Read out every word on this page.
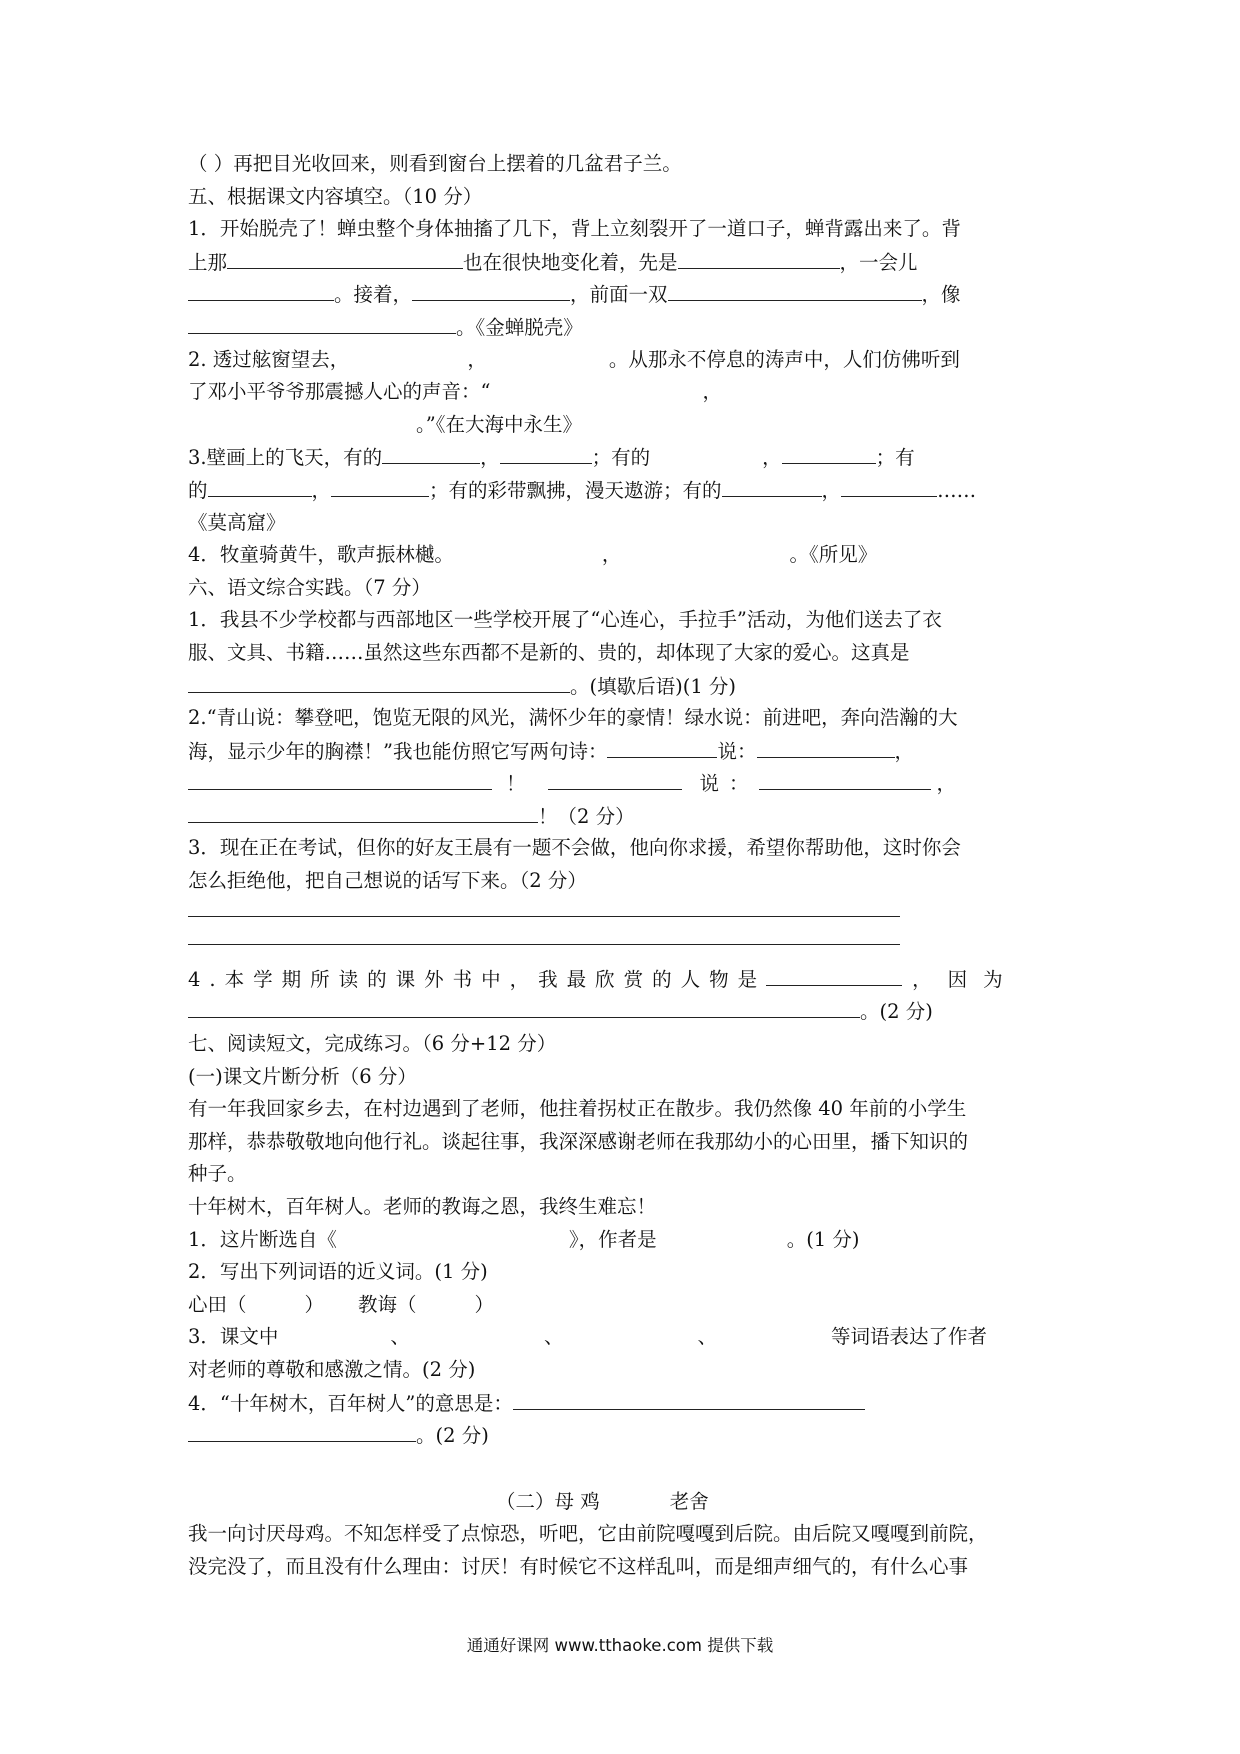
（ ）再把目光收回来，则看到窗台上摆着的几盆君子兰。
五、根据课文内容填空。（10 分）
1．开始脱壳了！蝉虫整个身体抽搐了几下，背上立刻裂开了一道口子，蝉背露出来了。背
上那	也在很快地变化着，先是	，一会儿
。接着，	，前面一双	，像
。《金蝉脱壳》
2. 透过舷窗望去，	，	。从那永不停息的涛声中，人们仿佛听到
了邓小平爷爷那震撼人心的声音：“	，
。”《在大海中永生》
3.壁画上的飞天，有的	，	；有的	，	；有
的	，	；有的彩带飘拂，漫天遨游；有的	，	……
《莫高窟》
4．牧童骑黄牛，歌声振林樾。	，	。《所见》
六、语文综合实践。（7 分）
1．我县不少学校都与西部地区一些学校开展了“心连心，手拉手”活动，为他们送去了衣
服、文具、书籍……虽然这些东西都不是新的、贵的，却体现了大家的爱心。这真是
。(填歇后语)(1 分)
2.“青山说：攀登吧，饱览无限的风光，满怀少年的豪情！绿水说：前进吧，奔向浩瀚的大
海，显示少年的胸襟！”我也能仿照它写两句诗：	说：	，
！	说 ：	，
！（2 分）
3．现在正在考试，但你的好友王晨有一题不会做，他向你求援，希望你帮助他，这时你会
怎么拒绝他，把自己想说的话写下来。（2 分）
4.本学期所读的课外书中，我最欣赏的人物是	，因为
。(2 分)
七、阅读短文，完成练习。（6 分+12 分）
(一)课文片断分析（6 分）
有一年我回家乡去，在村边遇到了老师，他拄着拐杖正在散步。我仍然像 40 年前的小学生
那样，恭恭敬敬地向他行礼。谈起往事，我深深感谢老师在我那幼小的心田里，播下知识的
种子。
十年树木，百年树人。老师的教诲之恩，我终生难忘！
1．这片断选自《	》，作者是	。(1 分)
2．写出下列词语的近义词。(1 分)
心田（	） 教诲（	）
3．课文中	、	、	、	等词语表达了作者
对老师的尊敬和感激之情。(2 分)
4．“十年树木，百年树人”的意思是：
。(2 分)
（二）母 鸡	老舍
我一向讨厌母鸡。不知怎样受了点惊恐，听吧，它由前院嘎嘎到后院。由后院又嘎嘎到前院，
没完没了，而且没有什么理由：讨厌！有时候它不这样乱叫，而是细声细气的，有什么心事
通通好课网 www.tthaoke.com 提供下载
